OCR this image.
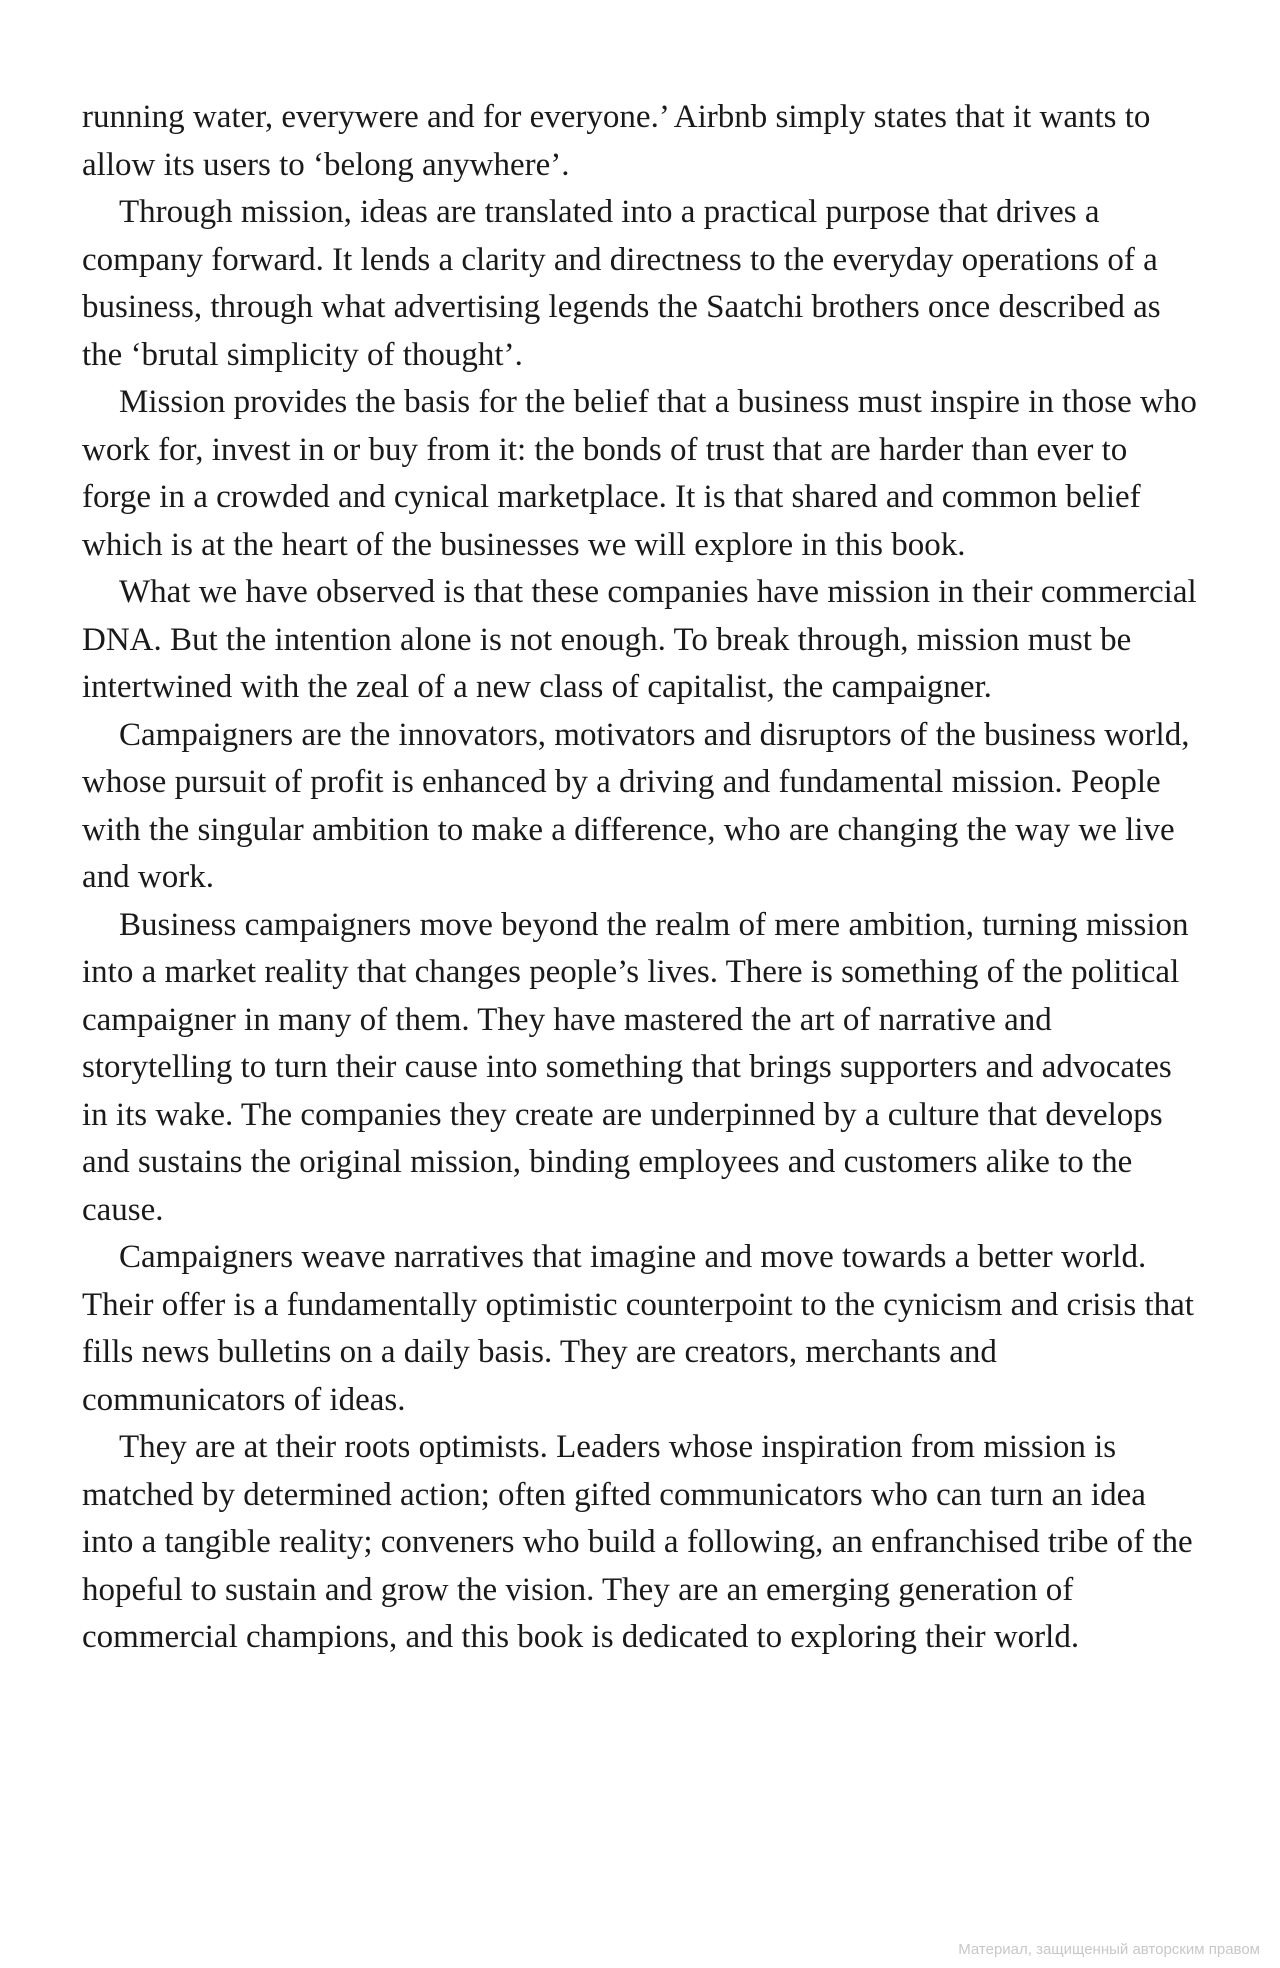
running water, everywere and for everyone.’ Airbnb simply states that it wants to allow its users to ‘belong anywhere’.

Through mission, ideas are translated into a practical purpose that drives a company forward. It lends a clarity and directness to the everyday operations of a business, through what advertising legends the Saatchi brothers once described as the ‘brutal simplicity of thought’.

Mission provides the basis for the belief that a business must inspire in those who work for, invest in or buy from it: the bonds of trust that are harder than ever to forge in a crowded and cynical marketplace. It is that shared and common belief which is at the heart of the businesses we will explore in this book.

What we have observed is that these companies have mission in their commercial DNA. But the intention alone is not enough. To break through, mission must be intertwined with the zeal of a new class of capitalist, the campaigner.

Campaigners are the innovators, motivators and disruptors of the business world, whose pursuit of profit is enhanced by a driving and fundamental mission. People with the singular ambition to make a difference, who are changing the way we live and work.

Business campaigners move beyond the realm of mere ambition, turning mission into a market reality that changes people’s lives. There is something of the political campaigner in many of them. They have mastered the art of narrative and storytelling to turn their cause into something that brings supporters and advocates in its wake. The companies they create are underpinned by a culture that develops and sustains the original mission, binding employees and customers alike to the cause.

Campaigners weave narratives that imagine and move towards a better world. Their offer is a fundamentally optimistic counterpoint to the cynicism and crisis that fills news bulletins on a daily basis. They are creators, merchants and communicators of ideas.

They are at their roots optimists. Leaders whose inspiration from mission is matched by determined action; often gifted communicators who can turn an idea into a tangible reality; conveners who build a following, an enfranchised tribe of the hopeful to sustain and grow the vision. They are an emerging generation of commercial champions, and this book is dedicated to exploring their world.

Материал, защищенный авторским правом
